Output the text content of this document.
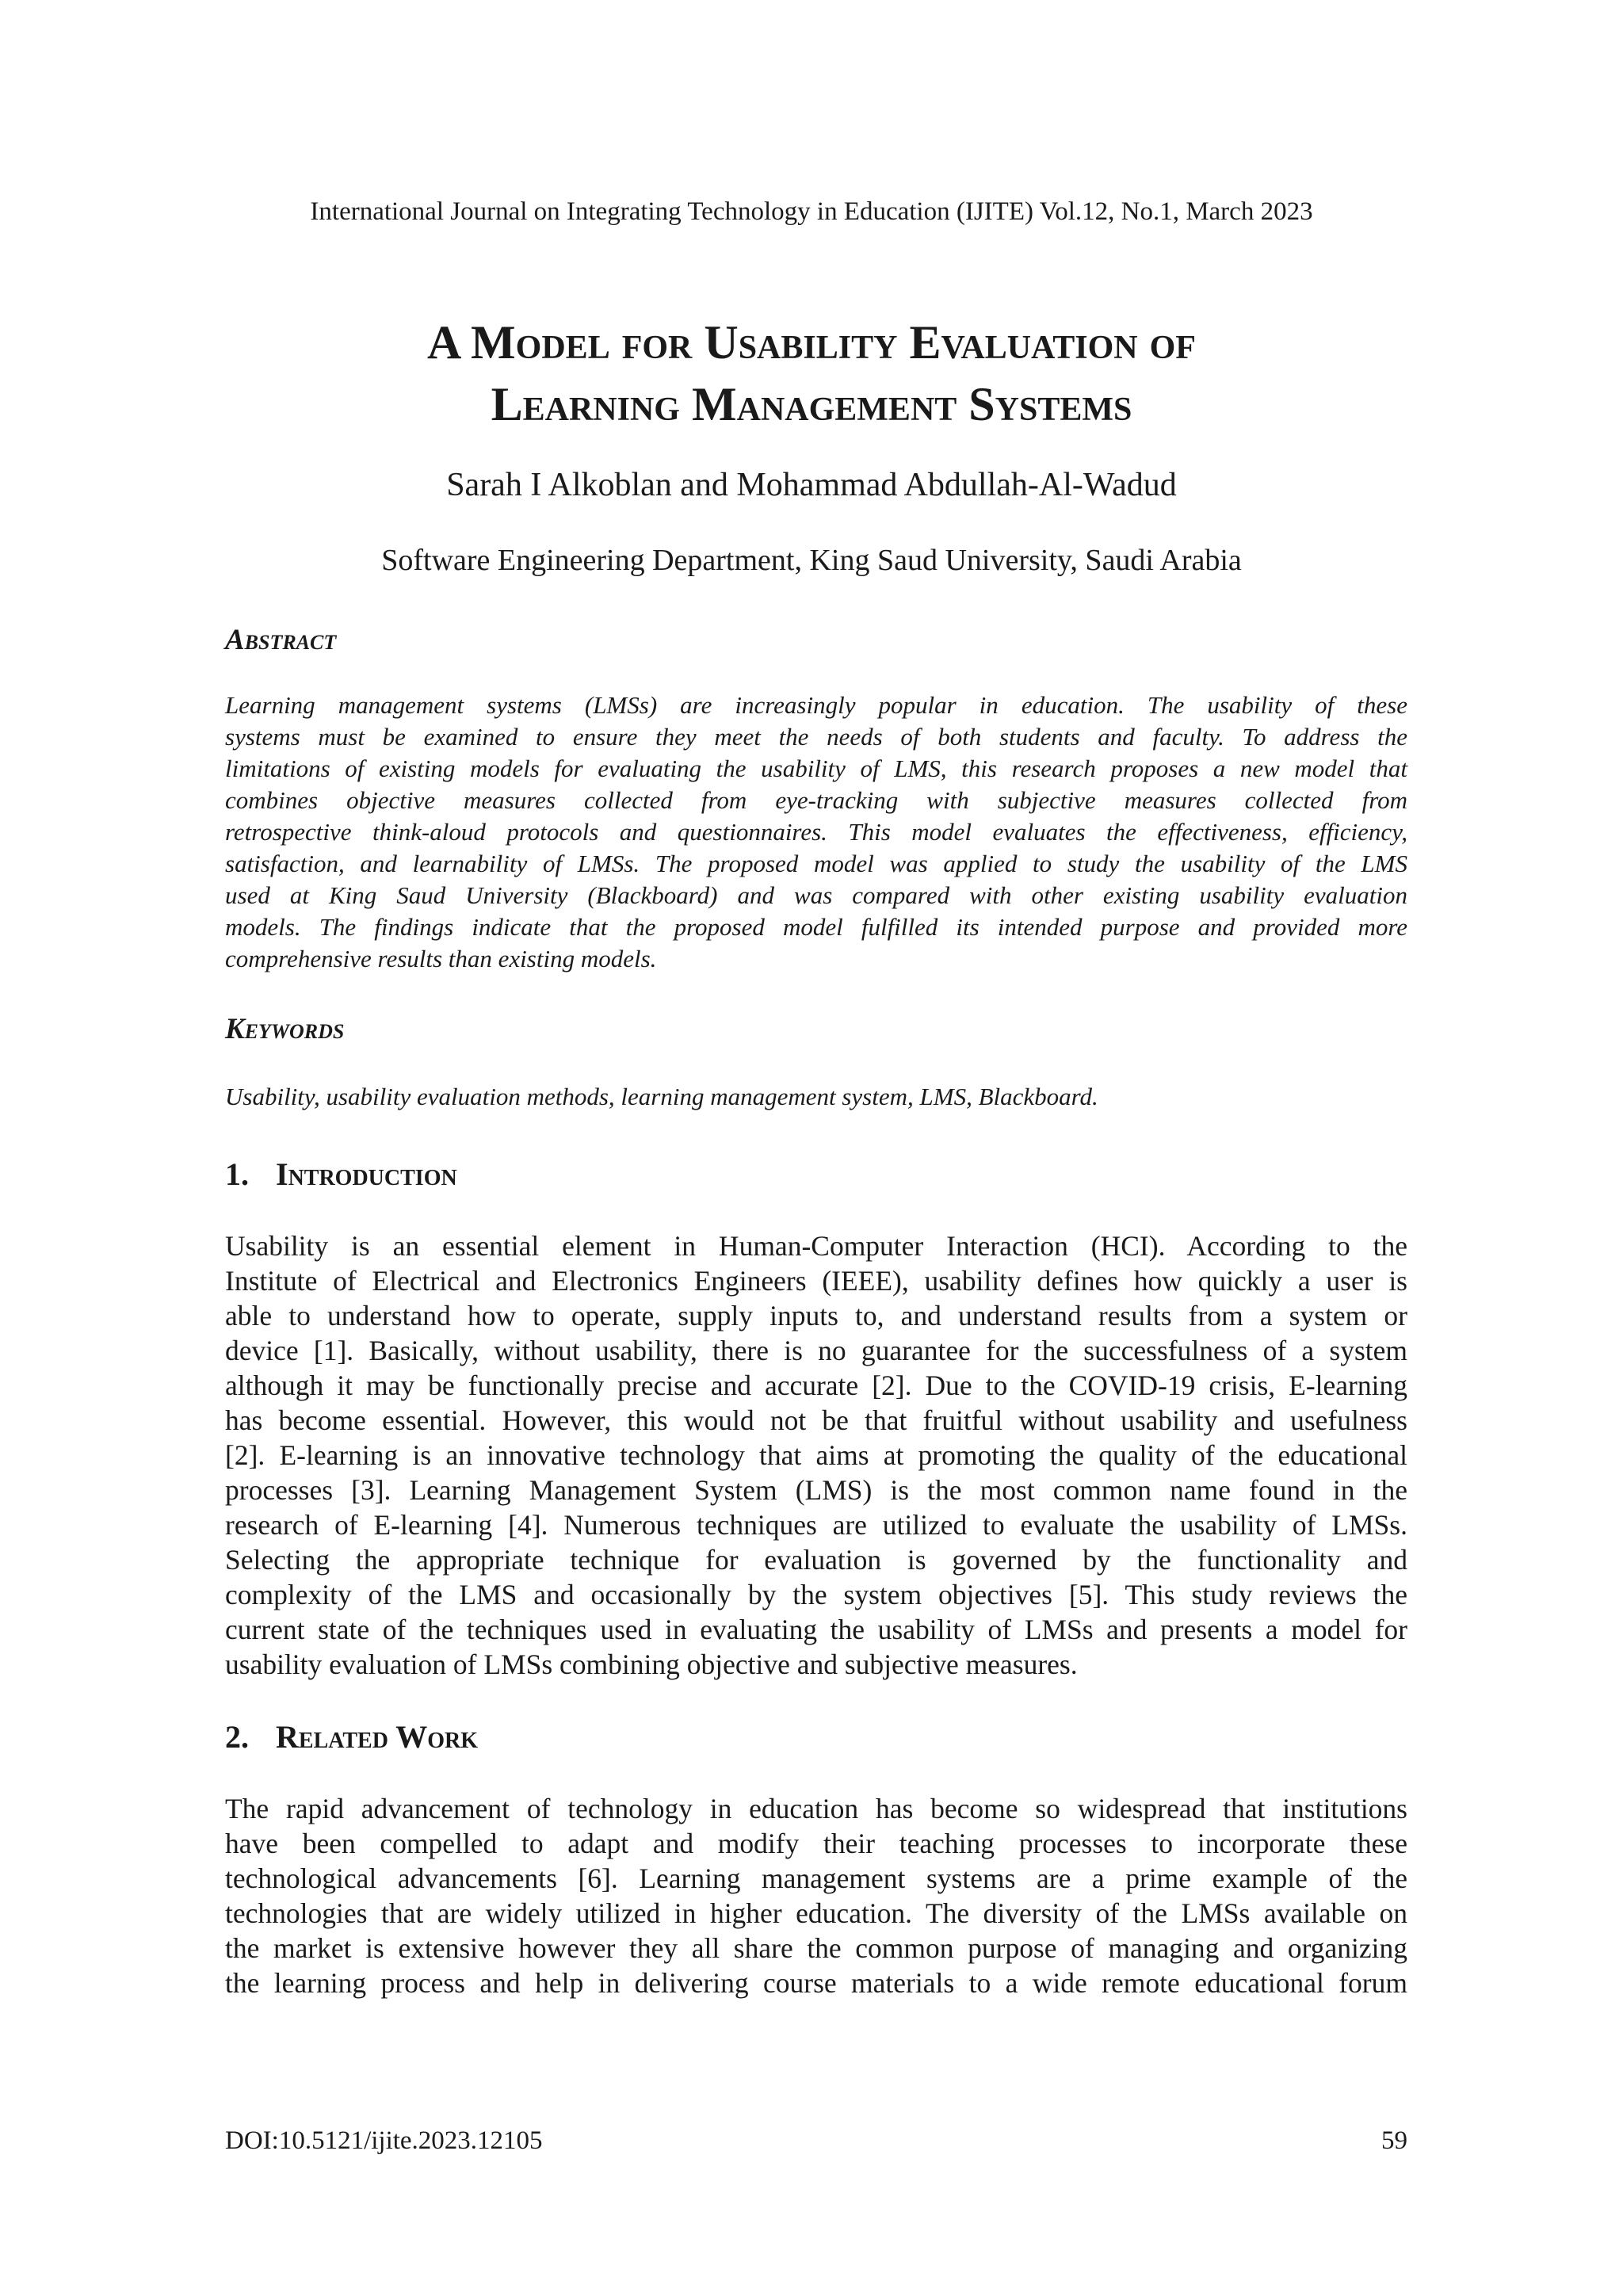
International Journal on Integrating Technology in Education (IJITE) Vol.12, No.1, March 2023
A Model for Usability Evaluation of
Learning Management Systems
Sarah I Alkoblan and Mohammad Abdullah-Al-Wadud
Software Engineering Department, King Saud University, Saudi Arabia
Abstract
Learning management systems (LMSs) are increasingly popular in education. The usability of these
systems must be examined to ensure they meet the needs of both students and faculty. To address the
limitations of existing models for evaluating the usability of LMS, this research proposes a new model that
combines objective measures collected from eye-tracking with subjective measures collected from
retrospective think-aloud protocols and questionnaires. This model evaluates the effectiveness, efficiency,
satisfaction, and learnability of LMSs. The proposed model was applied to study the usability of the LMS
used at King Saud University (Blackboard) and was compared with other existing usability evaluation
models. The findings indicate that the proposed model fulfilled its intended purpose and provided more
comprehensive results than existing models.
Keywords
Usability, usability evaluation methods, learning management system, LMS, Blackboard.
1. Introduction
Usability is an essential element in Human-Computer Interaction (HCI). According to the
Institute of Electrical and Electronics Engineers (IEEE), usability defines how quickly a user is
able to understand how to operate, supply inputs to, and understand results from a system or
device [1]. Basically, without usability, there is no guarantee for the successfulness of a system
although it may be functionally precise and accurate [2]. Due to the COVID-19 crisis, E-learning
has become essential. However, this would not be that fruitful without usability and usefulness
[2]. E-learning is an innovative technology that aims at promoting the quality of the educational
processes [3]. Learning Management System (LMS) is the most common name found in the
research of E-learning [4]. Numerous techniques are utilized to evaluate the usability of LMSs.
Selecting the appropriate technique for evaluation is governed by the functionality and
complexity of the LMS and occasionally by the system objectives [5]. This study reviews the
current state of the techniques used in evaluating the usability of LMSs and presents a model for
usability evaluation of LMSs combining objective and subjective measures.
2. Related Work
The rapid advancement of technology in education has become so widespread that institutions
have been compelled to adapt and modify their teaching processes to incorporate these
technological advancements [6]. Learning management systems are a prime example of the
technologies that are widely utilized in higher education. The diversity of the LMSs available on
the market is extensive however they all share the common purpose of managing and organizing
the learning process and help in delivering course materials to a wide remote educational forum
DOI:10.5121/ijite.2023.12105	59
